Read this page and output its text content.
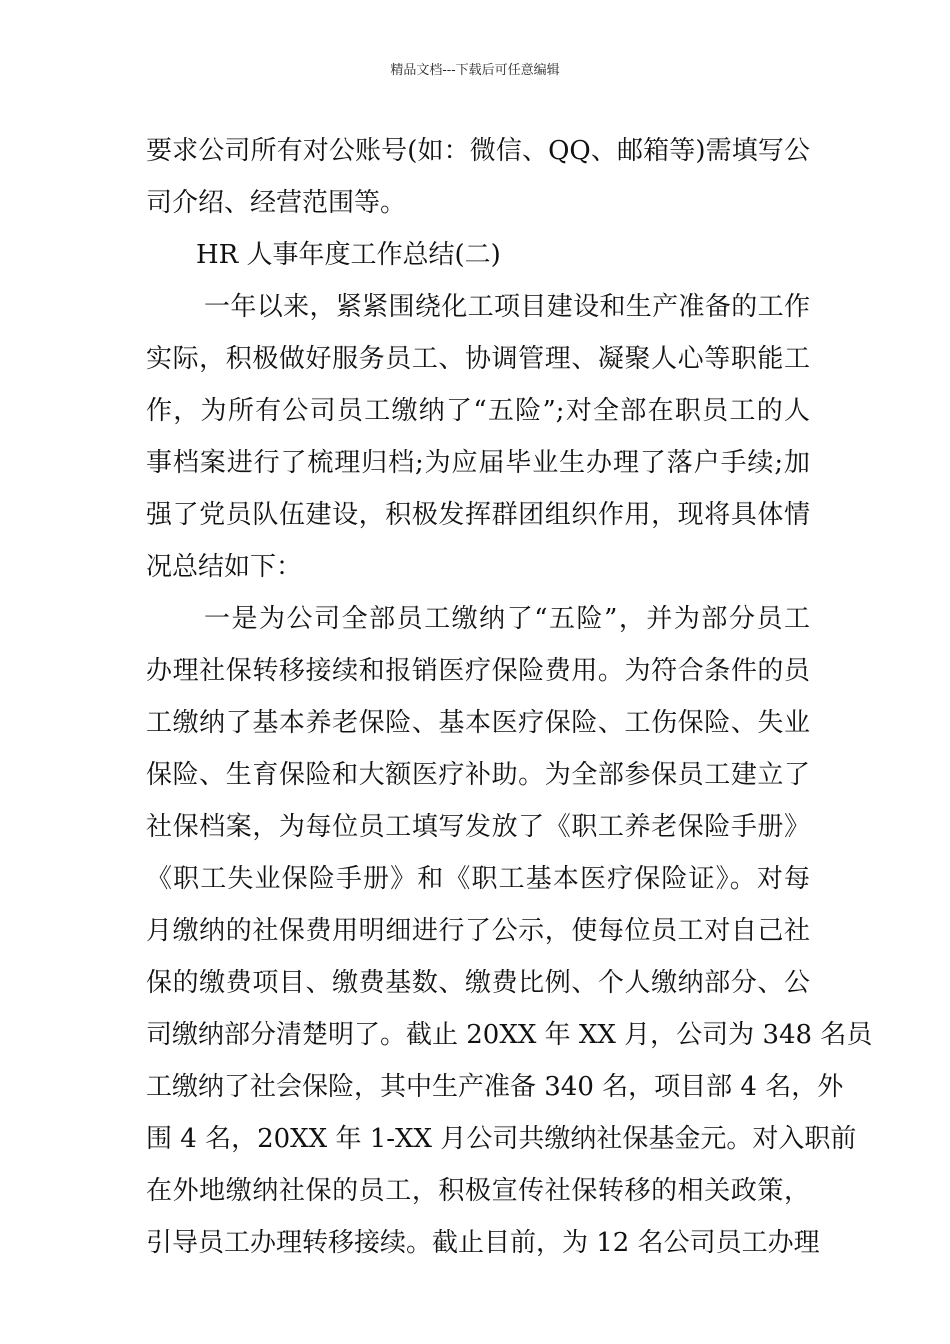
精品文档---下载后可任意编辑
要求公司所有对公账号(如：微信、QQ、邮箱等)需填写公
司介绍、经营范围等。
HR 人事年度工作总结(二)
一年以来，紧紧围绕化工项目建设和生产准备的工作
实际，积极做好服务员工、协调管理、凝聚人心等职能工
作，为所有公司员工缴纳了“五险”;对全部在职员工的人
事档案进行了梳理归档;为应届毕业生办理了落户手续;加
强了党员队伍建设，积极发挥群团组织作用，现将具体情
况总结如下：
一是为公司全部员工缴纳了“五险”，并为部分员工
办理社保转移接续和报销医疗保险费用。为符合条件的员
工缴纳了基本养老保险、基本医疗保险、工伤保险、失业
保险、生育保险和大额医疗补助。为全部参保员工建立了
社保档案，为每位员工填写发放了《职工养老保险手册》
《职工失业保险手册》和《职工基本医疗保险证》。对每
月缴纳的社保费用明细进行了公示，使每位员工对自己社
保的缴费项目、缴费基数、缴费比例、个人缴纳部分、公
司缴纳部分清楚明了。截止 20XX 年 XX 月，公司为 348 名员
工缴纳了社会保险，其中生产准备 340 名，项目部 4 名，外
围 4 名，20XX 年 1-XX 月公司共缴纳社保基金元。对入职前
在外地缴纳社保的员工，积极宣传社保转移的相关政策，
引导员工办理转移接续。截止目前，为 12 名公司员工办理
